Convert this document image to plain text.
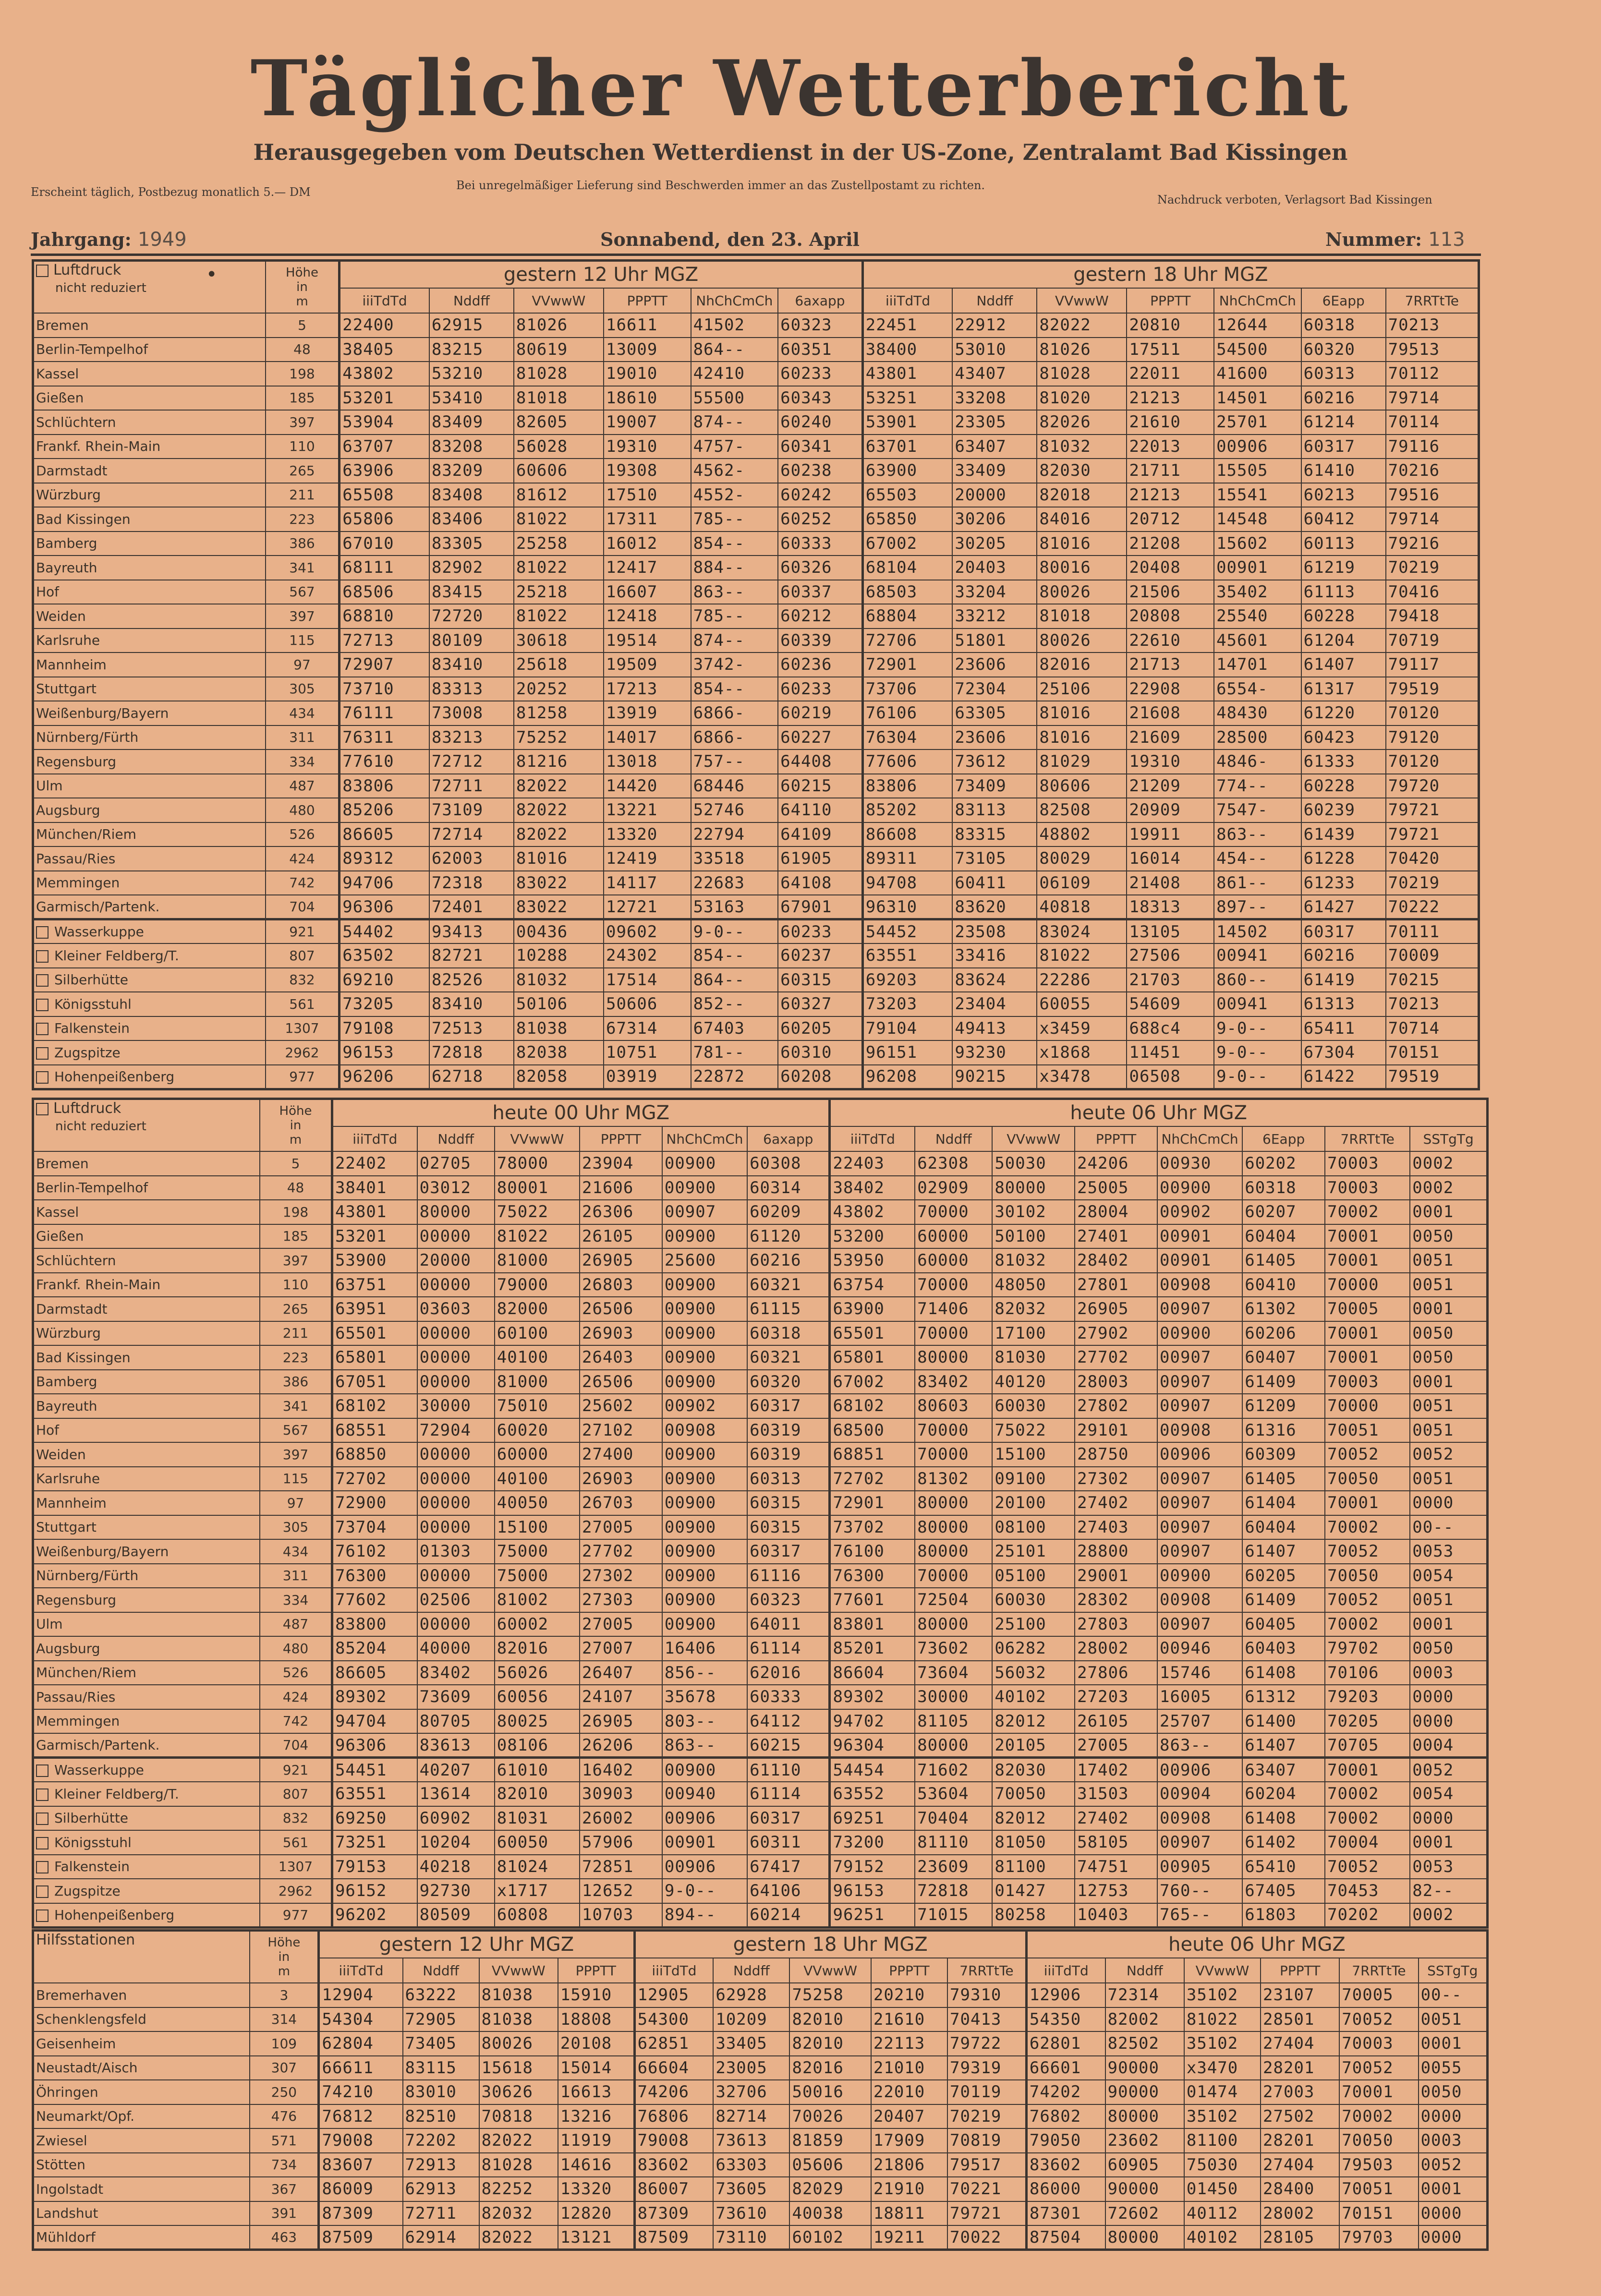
Täglicher Wetterbericht
Herausgegeben vom Deutschen Wetterdienst in der US-Zone, Zentralamt Bad Kissingen
Erscheint täglich, Postbezug monatlich 5.— DM	Bei unregelmäßiger Lieferung sind Beschwerden immer an das Zustellpostamt zu richten.
Nachdruck verboten, Verlagsort Bad Kissingen
Jahrgang: 1949	Sonnabend, den 23. April	Nummer: 113
Luftdruck
nicht reduziert	Höhe
in
m	• gestern 12 Uhr MGZ						gestern 18 Uhr MGZ						
		iiiTdTd	Nddff	VVwwW	PPPTT	NhChCmCh	6axapp	iiiTdTd	Nddff	VVwwW	PPPTT	NhChCmCh	6Eapp	7RRTtTe
Bremen	5	22400	62915	81026	16611	41502	60323	22451	22912	82022	20810	12644	60318	70213
Berlin-Tempelhof	48	38405	83215	80619	13009	864--	60351	38400	53010	81026	17511	54500	60320	79513
Kassel	198	43802	53210	81028	19010	42410	60233	43801	43407	81028	22011	41600	60313	70112
Gießen	185	53201	53410	81018	18610	55500	60343	53251	33208	81020	21213	14501	60216	79714
Schlüchtern	397	53904	83409	82605	19007	874--	60240	53901	23305	82026	21610	25701	61214	70114
Frankf. Rhein-Main	110	63707	83208	56028	19310	4757-	60341	63701	63407	81032	22013	00906	60317	79116
Darmstadt	265	63906	83209	60606	19308	4562-	60238	63900	33409	82030	21711	15505	61410	70216
Würzburg	211	65508	83408	81612	17510	4552-	60242	65503	20000	82018	21213	15541	60213	79516
Bad Kissingen	223	65806	83406	81022	17311	785--	60252	65850	30206	84016	20712	14548	60412	79714
Bamberg	386	67010	83305	25258	16012	854--	60333	67002	30205	81016	21208	15602	60113	79216
Bayreuth	341	68111	82902	81022	12417	884--	60326	68104	20403	80016	20408	00901	61219	70219
Hof	567	68506	83415	25218	16607	863--	60337	68503	33204	80026	21506	35402	61113	70416
Weiden	397	68810	72720	81022	12418	785--	60212	68804	33212	81018	20808	25540	60228	79418
Karlsruhe	115	72713	80109	30618	19514	874--	60339	72706	51801	80026	22610	45601	61204	70719
Mannheim	97	72907	83410	25618	19509	3742-	60236	72901	23606	82016	21713	14701	61407	79117
Stuttgart	305	73710	83313	20252	17213	854--	60233	73706	72304	25106	22908	6554-	61317	79519
Weißenburg/Bayern	434	76111	73008	81258	13919	6866-	60219	76106	63305	81016	21608	48430	61220	70120
Nürnberg/Fürth	311	76311	83213	75252	14017	6866-	60227	76304	23606	81016	21609	28500	60423	79120
Regensburg	334	77610	72712	81216	13018	757--	64408	77606	73612	81029	19310	4846-	61333	70120
Ulm	487	83806	72711	82022	14420	68446	60215	83806	73409	80606	21209	774--	60228	79720
Augsburg	480	85206	73109	82022	13221	52746	64110	85202	83113	82508	20909	7547-	60239	79721
München/Riem	526	86605	72714	82022	13320	22794	64109	86608	83315	48802	19911	863--	61439	79721
Passau/Ries	424	89312	62003	81016	12419	33518	61905	89311	73105	80029	16014	454--	61228	70420
Memmingen	742	94706	72318	83022	14117	22683	64108	94708	60411	06109	21408	861--	61233	70219
Garmisch/Partenk.	704	96306	72401	83022	12721	53163	67901	96310	83620	40818	18313	897--	61427	70222
Wasserkuppe	921	54402	93413	00436	09602	9-0--	60233	54452	23508	83024	13105	14502	60317	70111
Kleiner Feldberg/T.	807	63502	82721	10288	24302	854--	60237	63551	33416	81022	27506	00941	60216	70009
Silberhütte	832	69210	82526	81032	17514	864--	60315	69203	83624	22286	21703	860--	61419	70215
Königsstuhl	561	73205	83410	50106	50606	852--	60327	73203	23404	60055	54609	00941	61313	70213
Falkenstein	1307	79108	72513	81038	67314	67403	60205	79104	49413	x3459	688c4	9-0--	65411	70714
Zugspitze	2962	96153	72818	82038	10751	781--	60310	96151	93230	x1868	11451	9-0--	67304	70151
Hohenpeißenberg	977	96206	62718	82058	03919	22872	60208	96208	90215	x3478	06508	9-0--	61422	79519
Luftdruck
nicht reduziert	Höhe
in
m	heute 00 Uhr MGZ						heute 06 Uhr MGZ							
		iiiTdTd	Nddff	VVwwW	PPPTT	NhChCmCh	6axapp	iiiTdTd	Nddff	VVwwW	PPPTT	NhChCmCh	6Eapp	7RRTtTe	SSTgTg
Bremen	5	22402	02705	78000	23904	00900	60308	22403	62308	50030	24206	00930	60202	70003	0002
Berlin-Tempelhof	48	38401	03012	80001	21606	00900	60314	38402	02909	80000	25005	00900	60318	70003	0002
Kassel	198	43801	80000	75022	26306	00907	60209	43802	70000	30102	28004	00902	60207	70002	0001
Gießen	185	53201	00000	81022	26105	00900	61120	53200	60000	50100	27401	00901	60404	70001	0050
Schlüchtern	397	53900	20000	81000	26905	25600	60216	53950	60000	81032	28402	00901	61405	70001	0051
Frankf. Rhein-Main	110	63751	00000	79000	26803	00900	60321	63754	70000	48050	27801	00908	60410	70000	0051
Darmstadt	265	63951	03603	82000	26506	00900	61115	63900	71406	82032	26905	00907	61302	70005	0001
Würzburg	211	65501	00000	60100	26903	00900	60318	65501	70000	17100	27902	00900	60206	70001	0050
Bad Kissingen	223	65801	00000	40100	26403	00900	60321	65801	80000	81030	27702	00907	60407	70001	0050
Bamberg	386	67051	00000	81000	26506	00900	60320	67002	83402	40120	28003	00907	61409	70003	0001
Bayreuth	341	68102	30000	75010	25602	00902	60317	68102	80603	60030	27802	00907	61209	70000	0051
Hof	567	68551	72904	60020	27102	00908	60319	68500	70000	75022	29101	00908	61316	70051	0051
Weiden	397	68850	00000	60000	27400	00900	60319	68851	70000	15100	28750	00906	60309	70052	0052
Karlsruhe	115	72702	00000	40100	26903	00900	60313	72702	81302	09100	27302	00907	61405	70050	0051
Mannheim	97	72900	00000	40050	26703	00900	60315	72901	80000	20100	27402	00907	61404	70001	0000
Stuttgart	305	73704	00000	15100	27005	00900	60315	73702	80000	08100	27403	00907	60404	70002	00--
Weißenburg/Bayern	434	76102	01303	75000	27702	00900	60317	76100	80000	25101	28800	00907	61407	70052	0053
Nürnberg/Fürth	311	76300	00000	75000	27302	00900	61116	76300	70000	05100	29001	00900	60205	70050	0054
Regensburg	334	77602	02506	81002	27303	00900	60323	77601	72504	60030	28302	00908	61409	70052	0051
Ulm	487	83800	00000	60002	27005	00900	64011	83801	80000	25100	27803	00907	60405	70002	0001
Augsburg	480	85204	40000	82016	27007	16406	61114	85201	73602	06282	28002	00946	60403	79702	0050
München/Riem	526	86605	83402	56026	26407	856--	62016	86604	73604	56032	27806	15746	61408	70106	0003
Passau/Ries	424	89302	73609	60056	24107	35678	60333	89302	30000	40102	27203	16005	61312	79203	0000
Memmingen	742	94704	80705	80025	26905	803--	64112	94702	81105	82012	26105	25707	61400	70205	0000
Garmisch/Partenk.	704	96306	83613	08106	26206	863--	60215	96304	80000	20105	27005	863--	61407	70705	0004
Wasserkuppe	921	54451	40207	61010	16402	00900	61110	54454	71602	82030	17402	00906	63407	70001	0052
Kleiner Feldberg/T.	807	63551	13614	82010	30903	00940	61114	63552	53604	70050	31503	00904	60204	70002	0054
Silberhütte	832	69250	60902	81031	26002	00906	60317	69251	70404	82012	27402	00908	61408	70002	0000
Königsstuhl	561	73251	10204	60050	57906	00901	60311	73200	81110	81050	58105	00907	61402	70004	0001
Falkenstein	1307	79153	40218	81024	72851	00906	67417	79152	23609	81100	74751	00905	65410	70052	0053
Zugspitze	2962	96152	92730	x1717	12652	9-0--	64106	96153	72818	01427	12753	760--	67405	70453	82--
Hohenpeißenberg	977	96202	80509	60808	10703	894--	60214	96251	71015	80258	10403	765--	61803	70202	0002
Hilfsstationen	Höhe
in
m	gestern 12 Uhr MGZ				gestern 18 Uhr MGZ					heute 06 Uhr MGZ					
		iiiTdTd	Nddff	VVwwW	PPPTT	iiiTdTd	Nddff	VVwwW	PPPTT	7RRTtTe	iiiTdTd	Nddff	VVwwW	PPPTT	7RRTtTe	SSTgTg
Bremerhaven	3	12904	63222	81038	15910	12905	62928	75258	20210	79310	12906	72314	35102	23107	70005	00--
Schenklengsfeld	314	54304	72905	81038	18808	54300	10209	82010	21610	70413	54350	82002	81022	28501	70052	0051
Geisenheim	109	62804	73405	80026	20108	62851	33405	82010	22113	79722	62801	82502	35102	27404	70003	0001
Neustadt/Aisch	307	66611	83115	15618	15014	66604	23005	82016	21010	79319	66601	90000	x3470	28201	70052	0055
Öhringen	250	74210	83010	30626	16613	74206	32706	50016	22010	70119	74202	90000	01474	27003	70001	0050
Neumarkt/Opf.	476	76812	82510	70818	13216	76806	82714	70026	20407	70219	76802	80000	35102	27502	70002	0000
Zwiesel	571	79008	72202	82022	11919	79008	73613	81859	17909	70819	79050	23602	81100	28201	70050	0003
Stötten	734	83607	72913	81028	14616	83602	63303	05606	21806	79517	83602	60905	75030	27404	79503	0052
Ingolstadt	367	86009	62913	82252	13320	86007	73605	82029	21910	70221	86000	90000	01450	28400	70051	0001
Landshut	391	87309	72711	82032	12820	87309	73610	40038	18811	79721	87301	72602	40112	28002	70151	0000
Mühldorf	463	87509	62914	82022	13121	87509	73110	60102	19211	70022	87504	80000	40102	28105	79703	0000
